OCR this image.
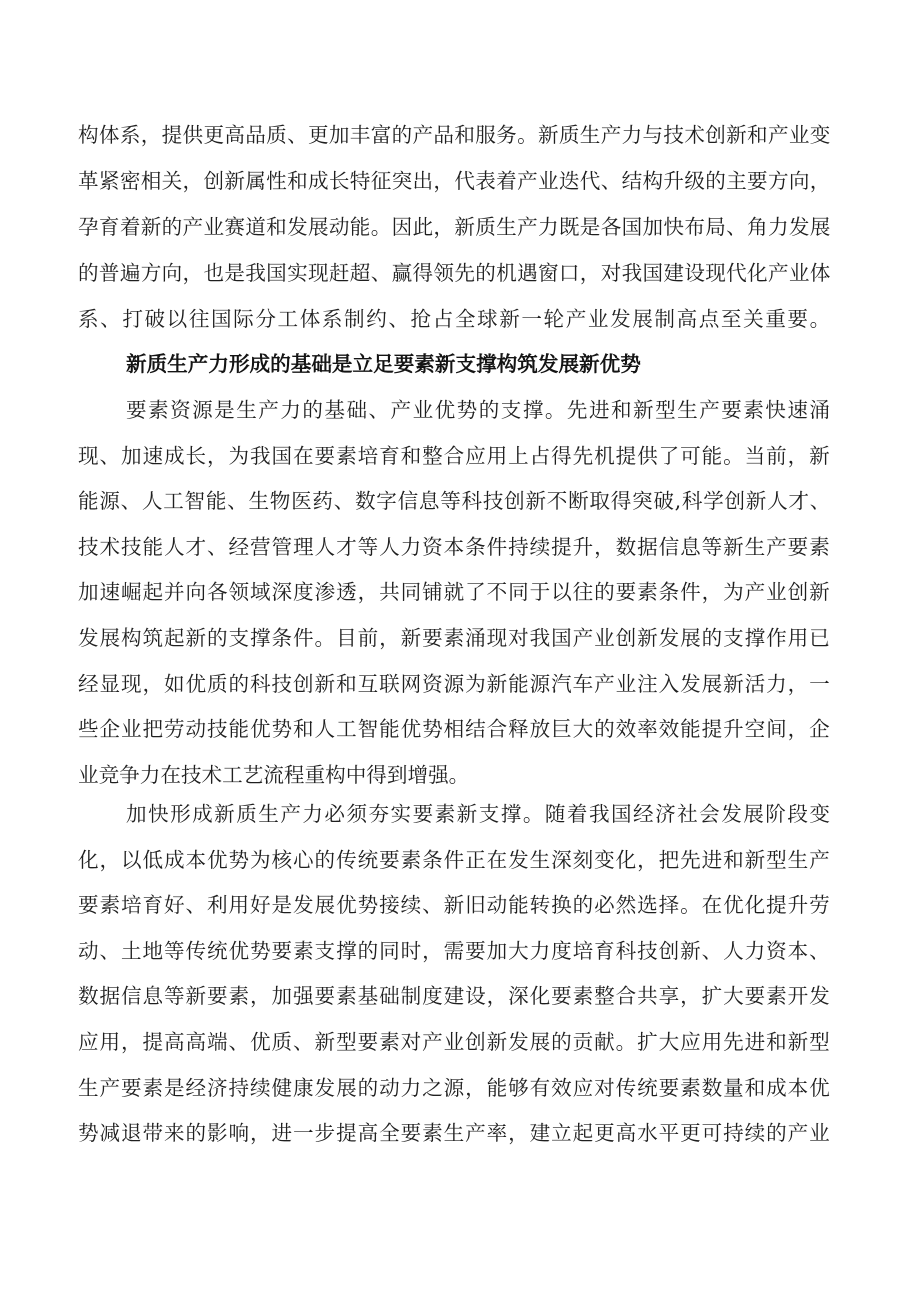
构体系，提供更高品质、更加丰富的产品和服务。新质生产力与技术创新和产业变
革紧密相关，创新属性和成长特征突出，代表着产业迭代、结构升级的主要方向，
孕育着新的产业赛道和发展动能。因此，新质生产力既是各国加快布局、角力发展
的普遍方向，也是我国实现赶超、赢得领先的机遇窗口，对我国建设现代化产业体
系、打破以往国际分工体系制约、抢占全球新一轮产业发展制高点至关重要。
新质生产力形成的基础是立足要素新支撑构筑发展新优势
要素资源是生产力的基础、产业优势的支撑。先进和新型生产要素快速涌
现、加速成长，为我国在要素培育和整合应用上占得先机提供了可能。当前，新
能源、人工智能、生物医药、数字信息等科技创新不断取得突破,科学创新人才、
技术技能人才、经营管理人才等人力资本条件持续提升，数据信息等新生产要素
加速崛起并向各领域深度渗透，共同铺就了不同于以往的要素条件，为产业创新
发展构筑起新的支撑条件。目前，新要素涌现对我国产业创新发展的支撑作用已
经显现，如优质的科技创新和互联网资源为新能源汽车产业注入发展新活力，一
些企业把劳动技能优势和人工智能优势相结合释放巨大的效率效能提升空间，企
业竞争力在技术工艺流程重构中得到增强。
加快形成新质生产力必须夯实要素新支撑。随着我国经济社会发展阶段变
化，以低成本优势为核心的传统要素条件正在发生深刻变化，把先进和新型生产
要素培育好、利用好是发展优势接续、新旧动能转换的必然选择。在优化提升劳
动、土地等传统优势要素支撑的同时，需要加大力度培育科技创新、人力资本、
数据信息等新要素，加强要素基础制度建设，深化要素整合共享，扩大要素开发
应用，提高高端、优质、新型要素对产业创新发展的贡献。扩大应用先进和新型
生产要素是经济持续健康发展的动力之源，能够有效应对传统要素数量和成本优
势减退带来的影响，进一步提高全要素生产率，建立起更高水平更可持续的产业
